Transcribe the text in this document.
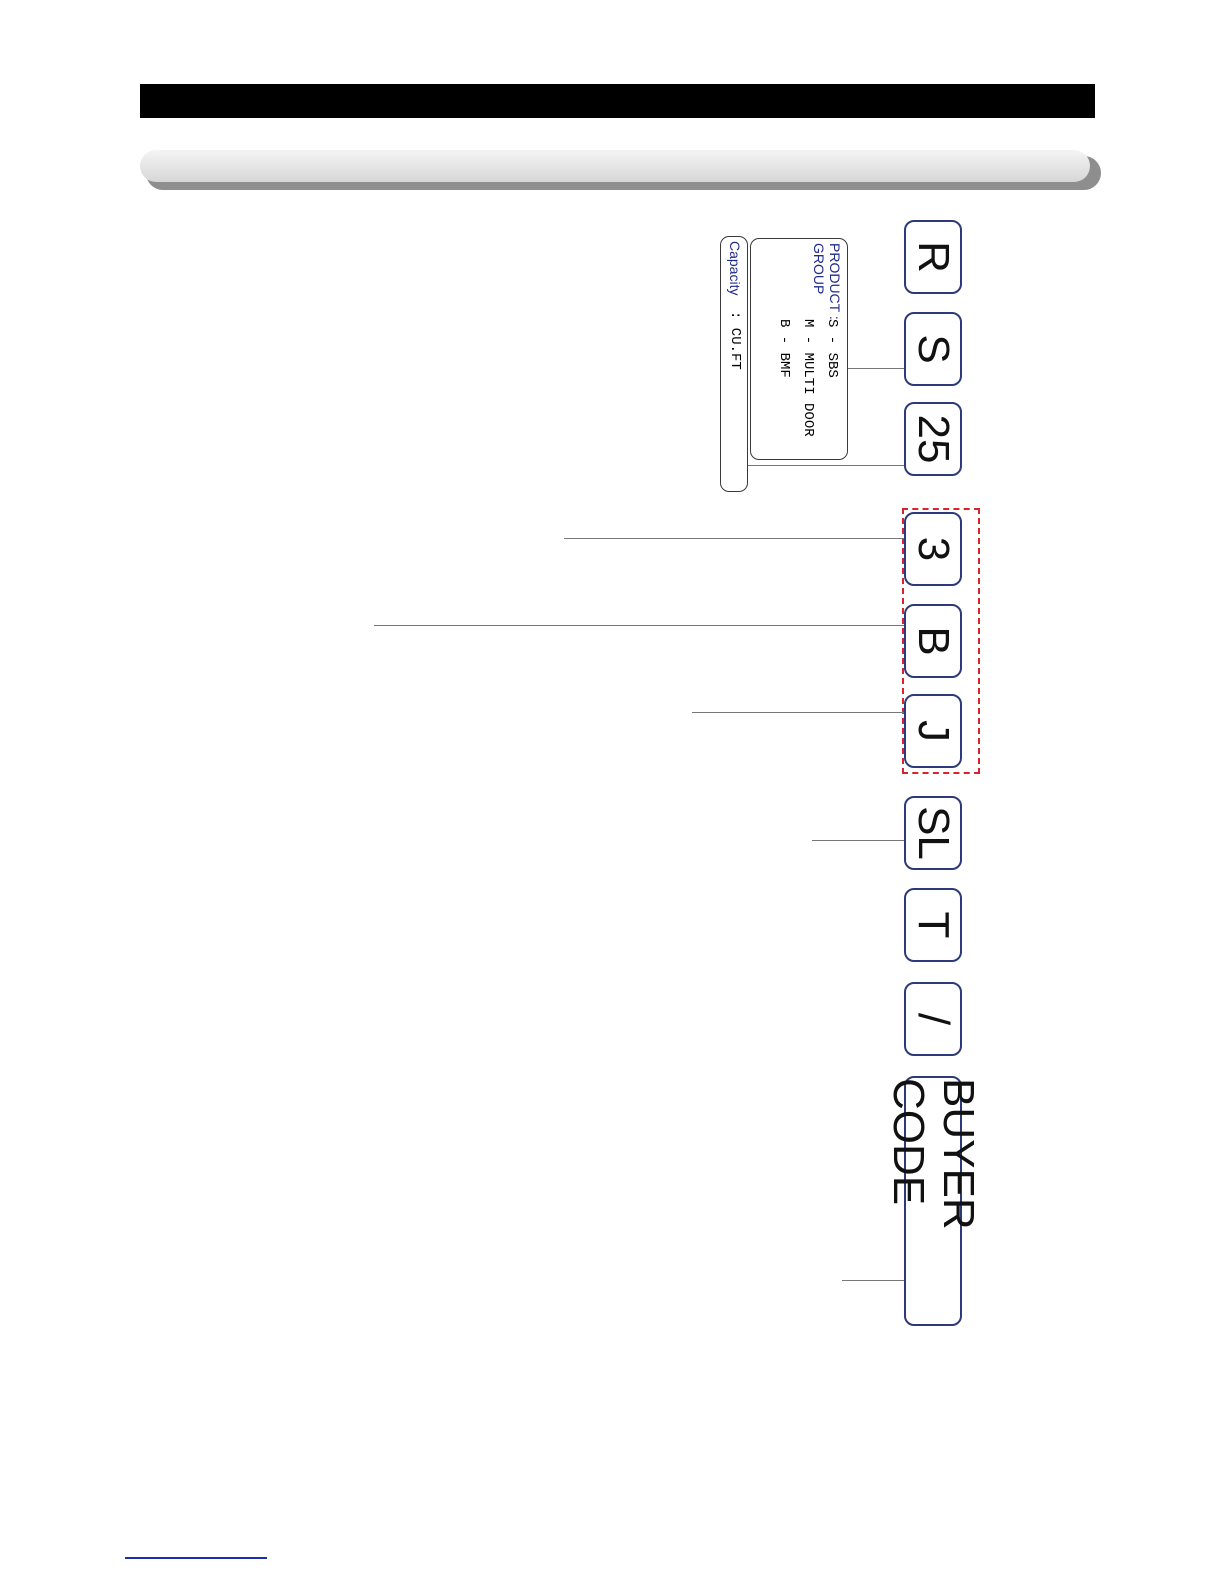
R
S
25
3
B
J
SL
T
/
BUYER CODE
PRODUCT :
GROUP
S - SBS
M - MULTI DOOR
B - BMF
Capacity
: CU.FT
